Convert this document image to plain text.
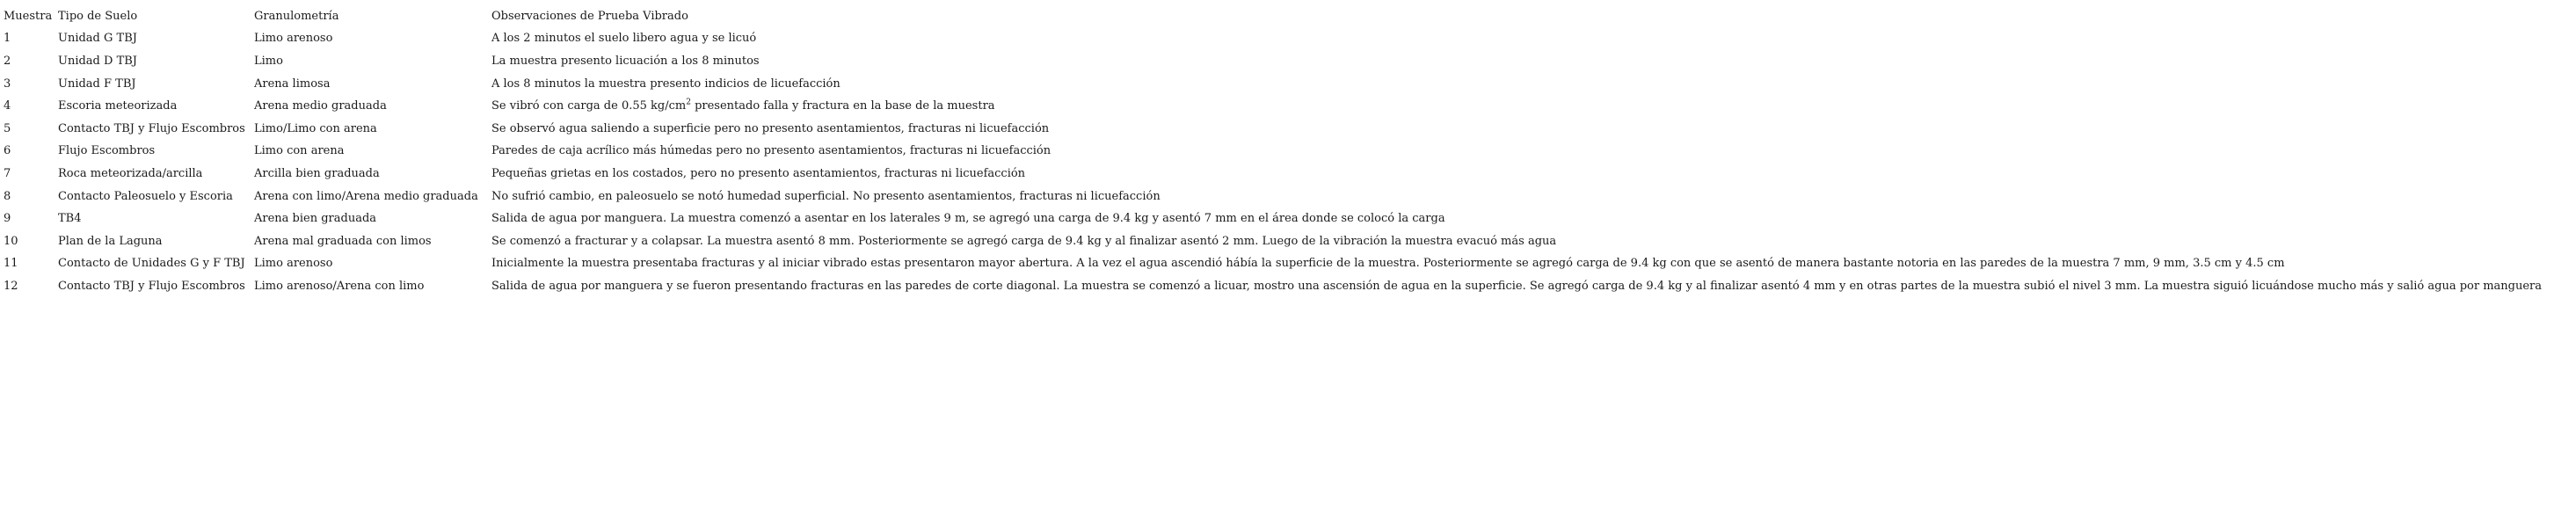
Muestra	Tipo de Suelo	Granulometría	Observaciones de Prueba Vibrado
1	Unidad G TBJ	Limo arenoso	A los 2 minutos el suelo libero agua y se licuó
2	Unidad D TBJ	Limo	La muestra presento licuación a los 8 minutos
3	Unidad F TBJ	Arena limosa	A los 8 minutos la muestra presento indicios de licuefacción
4	Escoria meteorizada	Arena medio graduada	Se vibró con carga de 0.55 $kg/cm^2$ presentado falla y fractura en la base de la muestra
5	Contacto TBJ y Flujo Escombros	Limo/Limo con arena	Se observó agua saliendo a superficie pero no presento asentamientos, fracturas ni licuefacción
6	Flujo Escombros	Limo con arena	Paredes de caja acrílico más húmedas pero no presento asentamientos, fracturas ni licuefacción
7	Roca meteorizada/arcilla	Arcilla bien graduada	Pequeñas grietas en los costados, pero no presento asentamientos, fracturas ni licuefacción
8	Contacto Paleosuelo y Escoria	Arena con limo/Arena medio graduada	No sufrió cambio, en paleosuelo se notó humedad superficial. No presento asentamientos, fracturas ni licuefacción
9	TB4	Arena bien graduada	Salida de agua por manguera. La muestra comenzó a asentar en los laterales 9 m, se agregó una carga de 9.4 kg y asentó 7 mm en el área donde se colocó la carga
10	Plan de la Laguna	Arena mal graduada con limos	Se comenzó a fracturar y a colapsar. La muestra asentó 8 mm. Posteriormente se agregó carga de 9.4 kg y al finalizar asentó 2 mm. Luego de la vibración la muestra evacuó más agua
11	Contacto de Unidades G y F TBJ	Limo arenoso	Inicialmente la muestra presentaba fracturas y al iniciar vibrado estas presentaron mayor abertura. A la vez el agua ascendió hábía la superficie de la muestra. Posteriormente se agregó carga de 9.4 kg con que se asentó de manera bastante notoria en las paredes de la muestra 7 mm, 9 mm, 3.5 cm y 4.5 cm
12	Contacto TBJ y Flujo Escombros	Limo arenoso/Arena con limo	Salida de agua por manguera y se fueron presentando fracturas en las paredes de corte diagonal. La muestra se comenzó a licuar, mostro una ascensión de agua en la superficie. Se agregó carga de 9.4 kg y al finalizar asentó 4 mm y en otras partes de la muestra subió el nivel 3 mm. La muestra siguió licuándose mucho más y salió agua por manguera
